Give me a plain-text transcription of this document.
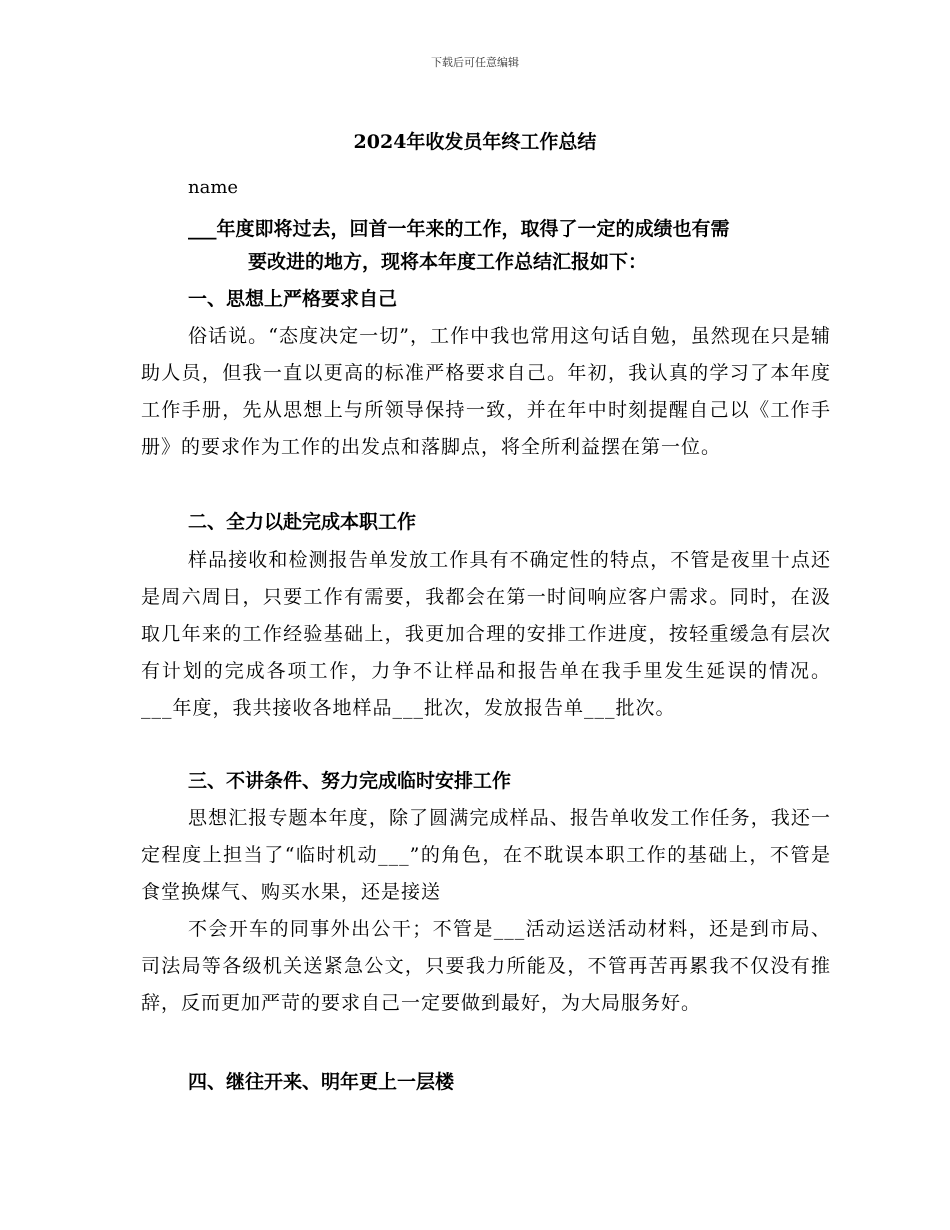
下载后可任意编辑
2024年收发员年终工作总结
name
___年度即将过去，回首一年来的工作，取得了一定的成绩也有需
要改进的地方，现将本年度工作总结汇报如下：
一、思想上严格要求自己
俗话说。“态度决定一切”，工作中我也常用这句话自勉，虽然现在只是辅助人员，但我一直以更高的标准严格要求自己。年初，我认真的学习了本年度工作手册，先从思想上与所领导保持一致，并在年中时刻提醒自己以《工作手册》的要求作为工作的出发点和落脚点，将全所利益摆在第一位。
二、全力以赴完成本职工作
样品接收和检测报告单发放工作具有不确定性的特点，不管是夜里十点还是周六周日，只要工作有需要，我都会在第一时间响应客户需求。同时，在汲取几年来的工作经验基础上，我更加合理的安排工作进度，按轻重缓急有层次有计划的完成各项工作，力争不让样品和报告单在我手里发生延误的情况。___年度，我共接收各地样品___批次，发放报告单___批次。
三、不讲条件、努力完成临时安排工作
思想汇报专题本年度，除了圆满完成样品、报告单收发工作任务，我还一定程度上担当了“临时机动___”的角色，在不耽误本职工作的基础上，不管是食堂换煤气、购买水果，还是接送
不会开车的同事外出公干；不管是___活动运送活动材料，还是到市局、司法局等各级机关送紧急公文，只要我力所能及，不管再苦再累我不仅没有推辞，反而更加严苛的要求自己一定要做到最好，为大局服务好。
四、继往开来、明年更上一层楼
